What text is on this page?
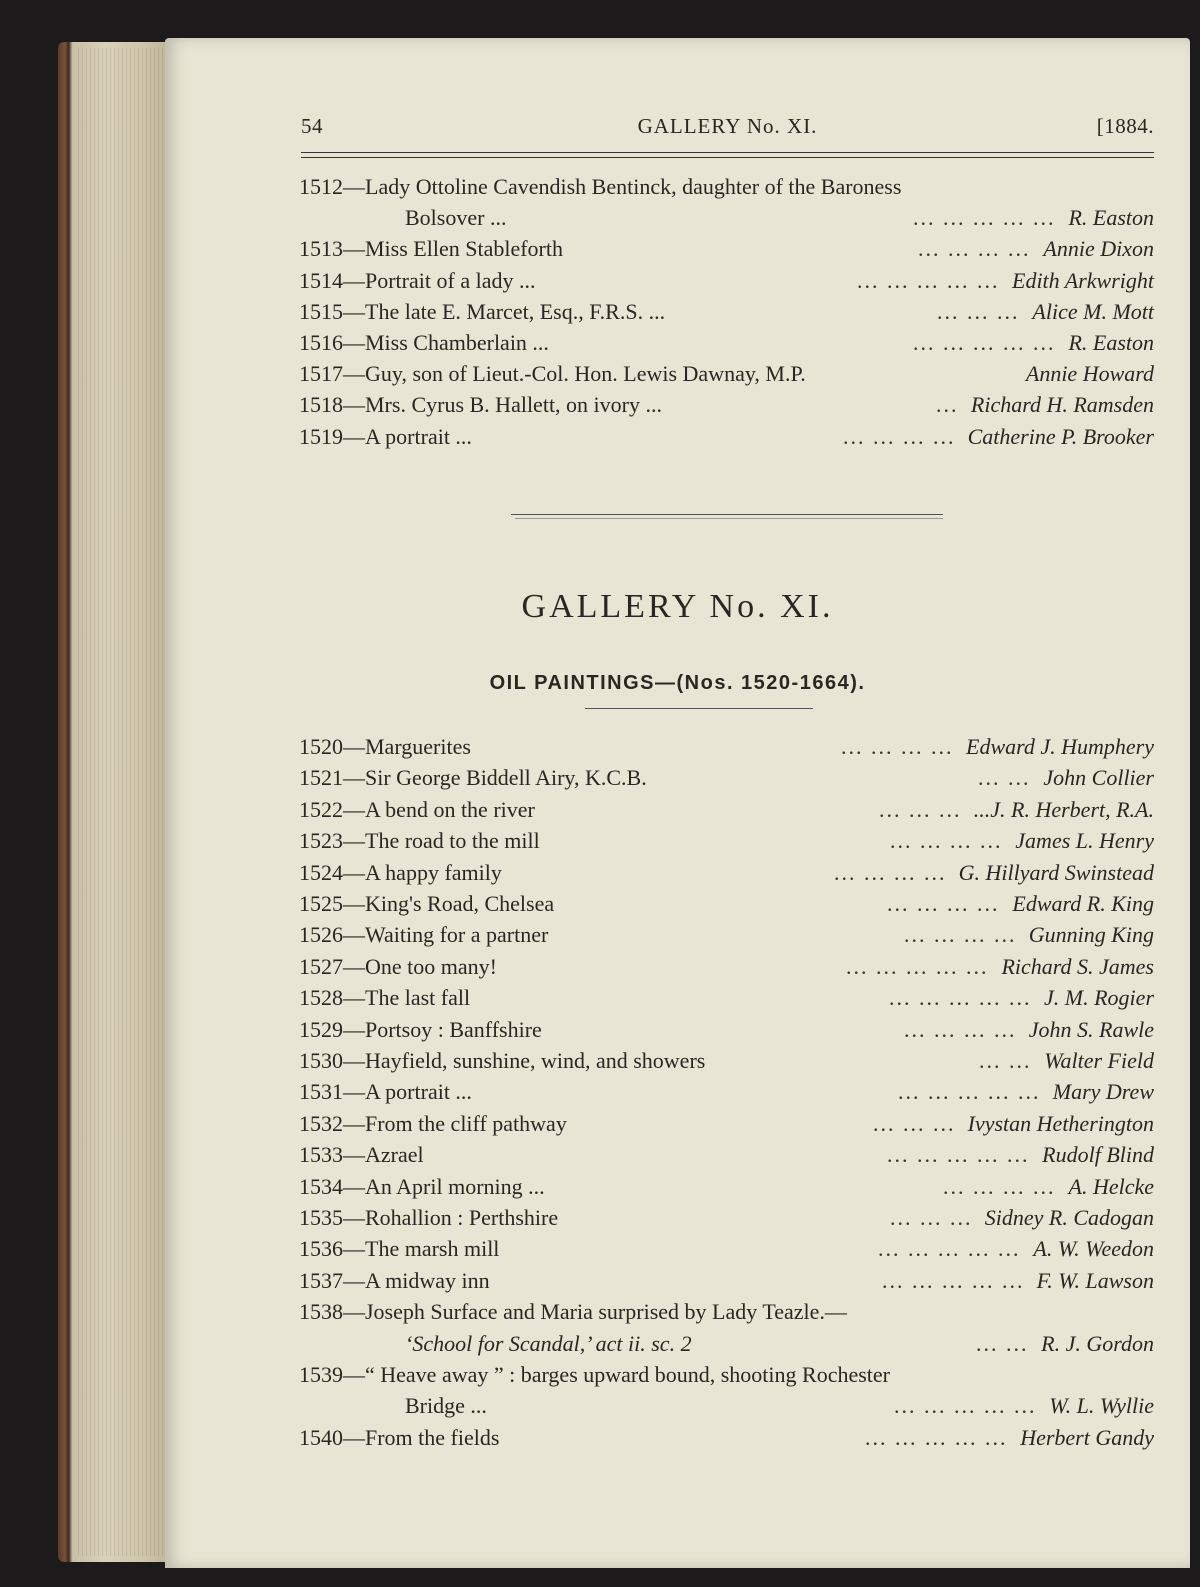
54	GALLERY No. XI.	[1884.
1512—Lady Ottoline Cavendish Bentinck, daughter of the Baroness
Bolsover ...	... ... ... ... ... R. Easton
1513—Miss Ellen Stableforth	... ... ... ... Annie Dixon
1514—Portrait of a lady ...	... ... ... ... ... Edith Arkwright
1515—The late E. Marcet, Esq., F.R.S. ...	... ... ... Alice M. Mott
1516—Miss Chamberlain ...	... ... ... ... ... R. Easton
1517—Guy, son of Lieut.-Col. Hon. Lewis Dawnay, M.P.	Annie Howard
1518—Mrs. Cyrus B. Hallett, on ivory ...	... Richard H. Ramsden
1519—A portrait ...	... ... ... ... Catherine P. Brooker
GALLERY No. XI.
OIL PAINTINGS—(Nos. 1520-1664).
1520—Marguerites	... ... ... ... Edward J. Humphery
1521—Sir George Biddell Airy, K.C.B.	... ... John Collier
1522—A bend on the river	... ... ... ...J. R. Herbert, R.A.
1523—The road to the mill	... ... ... ... James L. Henry
1524—A happy family	... ... ... ... G. Hillyard Swinstead
1525—King's Road, Chelsea	... ... ... ... Edward R. King
1526—Waiting for a partner	... ... ... ... Gunning King
1527—One too many!	... ... ... ... ... Richard S. James
1528—The last fall	... ... ... ... ... J. M. Rogier
1529—Portsoy : Banffshire	... ... ... ... John S. Rawle
1530—Hayfield, sunshine, wind, and showers	... ... Walter Field
1531—A portrait ...	... ... ... ... ... Mary Drew
1532—From the cliff pathway	... ... ... Ivystan Hetherington
1533—Azrael	... ... ... ... ... Rudolf Blind
1534—An April morning ...	... ... ... ... A. Helcke
1535—Rohallion : Perthshire	... ... ... Sidney R. Cadogan
1536—The marsh mill	... ... ... ... ... A. W. Weedon
1537—A midway inn	... ... ... ... ... F. W. Lawson
1538—Joseph Surface and Maria surprised by Lady Teazle.—
‘School for Scandal,’ act ii. sc. 2	... ... R. J. Gordon
1539—“ Heave away ” : barges upward bound, shooting Rochester
Bridge ...	... ... ... ... ... W. L. Wyllie
1540—From the fields	... ... ... ... ... Herbert Gandy
